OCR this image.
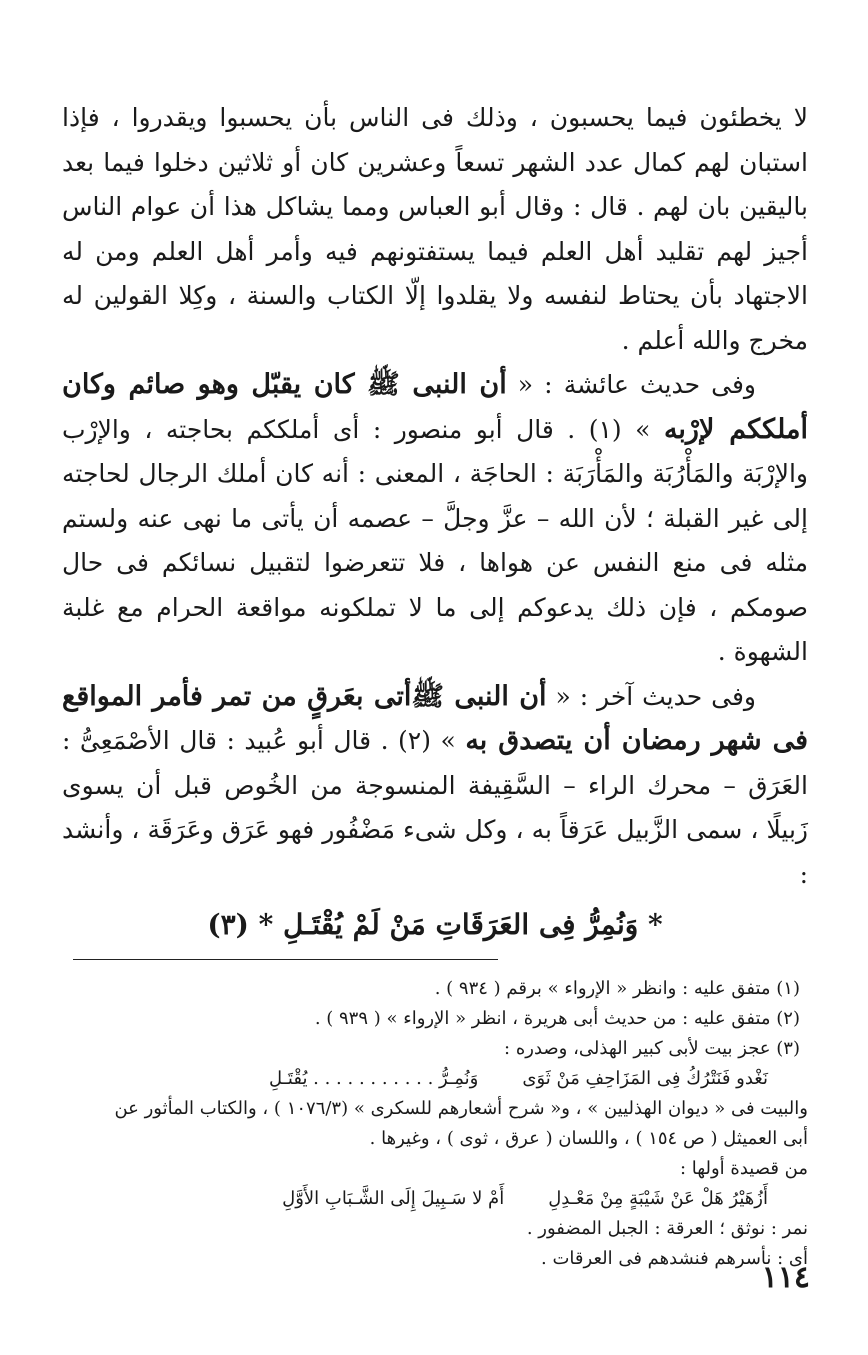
لا يخطئون فيما يحسبون ، وذلك فى الناس بأن يحسبوا ويقدروا ، فإذا استبان لهم كمال عدد الشهر تسعاً وعشرين كان أو ثلاثين دخلوا فيما بعد باليقين بان لهم . قال : وقال أبو العباس ومما يشاكل هذا أن عوام الناس أجيز لهم تقليد أهل العلم فيما يستفتونهم فيه وأمر أهل العلم ومن له الاجتهاد بأن يحتاط لنفسه ولا يقلدوا إلّا الكتاب والسنة ، وكِلا القولين له مخرج والله أعلم .

وفى حديث عائشة : « أن النبى ﷺ كان يقبّل وهو صائم وكان أملككم لإرْبه » (١) . قال أبو منصور : أى أملككم بحاجته ، والإرْب والإرْبَة والمَأْرُبَة والمَأْرَبَة : الحاجَة ، المعنى : أنه كان أملك الرجال لحاجته إلى غير القبلة ؛ لأن الله – عزَّ وجلَّ – عصمه أن يأتى ما نهى عنه ولستم مثله فى منع النفس عن هواها ، فلا تتعرضوا لتقبيل نسائكم فى حال صومكم ، فإن ذلك يدعوكم إلى ما لا تملكونه مواقعة الحرام مع غلبة الشهوة .

وفى حديث آخر : « أن النبى ﷺأتى بعَرقٍ من تمر فأمر المواقع فى شهر رمضان أن يتصدق به » (٢) . قال أبو عُبيد : قال الأصْمَعِىُّ : العَرَق – محرك الراء – السَّقِيفة المنسوجة من الخُوص قبل أن يسوى زَبيلًا ، سمى الزَّبيل عَرَقاً به ، وكل شىء مَضْفُور فهو عَرَق وعَرَقَة ، وأنشد :

* وَنُمِرُّ فِى العَرَقَاتِ مَنْ لَمْ يُقْتَـلِ * (٣)
(١) متفق عليه : وانظر « الإرواء » برقم ( ٩٣٤ ) .
(٢) متفق عليه : من حديث أبى هريرة ، انظر « الإرواء » ( ٩٣٩ ) .
(٣) عجز بيت لأبى كبير الهذلى، وصدره :
نَغْدو فَنَتْرُكُ فِى المَزَاحِفِ مَنْ ثَوَى
وَنُمِـرُّ . . . . . . . . . . . يُقْتَـلِ
والبيت فى « ديوان الهذليين » ، و« شرح أشعارهم للسكرى » (١٠٧٦/٣ ) ، والكتاب المأثور عن
أبى العميثل ( ص ١٥٤ ) ، واللسان ( عرق ، ثوى ) ، وغيرها .
من قصيدة أولها :
أَزُهَيْرُ هَلْ عَنْ شَيْبَةٍ مِنْ مَعْـدِلِ
أَمْ لا سَـبِيلَ إِلَى الشَّـبَابِ الأَوَّلِ
نمر : نوثق ؛ العرقة : الجبل المضفور .
أى : نأسرهم فنشدهم فى العرقات .
١١٤
